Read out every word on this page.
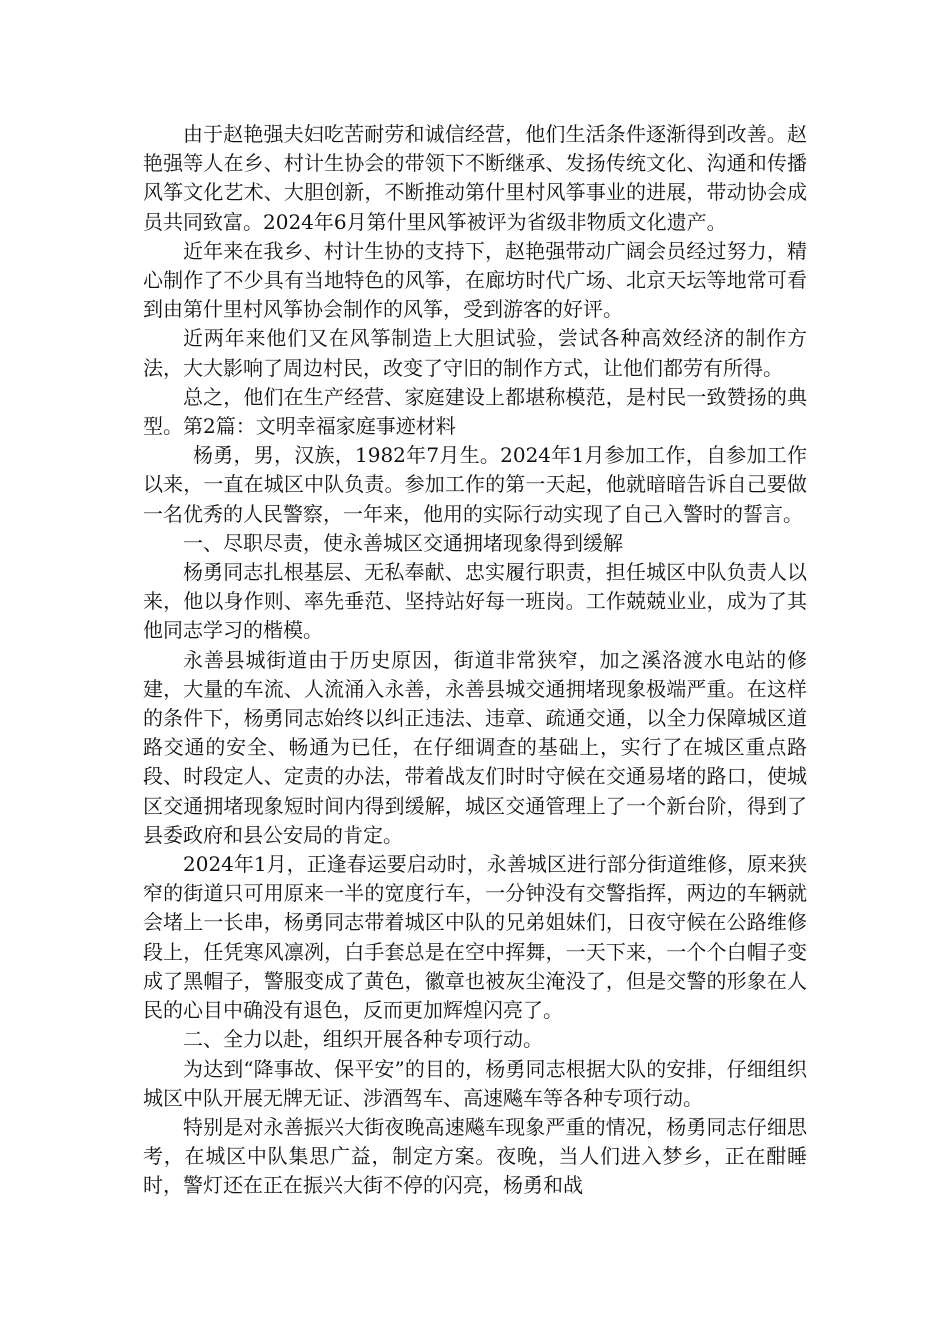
由于赵艳强夫妇吃苦耐劳和诚信经营，他们生活条件逐渐得到改善。赵艳强等人在乡、村计生协会的带领下不断继承、发扬传统文化、沟通和传播风筝文化艺术、大胆创新，不断推动第什里村风筝事业的进展，带动协会成员共同致富。2024年6月第什里风筝被评为省级非物质文化遗产。

近年来在我乡、村计生协的支持下，赵艳强带动广阔会员经过努力，精心制作了不少具有当地特色的风筝，在廊坊时代广场、北京天坛等地常可看到由第什里村风筝协会制作的风筝，受到游客的好评。

近两年来他们又在风筝制造上大胆试验，尝试各种高效经济的制作方法，大大影响了周边村民，改变了守旧的制作方式，让他们都劳有所得。

总之，他们在生产经营、家庭建设上都堪称模范，是村民一致赞扬的典型。第2篇：文明幸福家庭事迹材料

杨勇，男，汉族，1982年7月生。2024年1月参加工作，自参加工作以来，一直在城区中队负责。参加工作的第一天起，他就暗暗告诉自己要做一名优秀的人民警察，一年来，他用的实际行动实现了自己入警时的誓言。

一、尽职尽责，使永善城区交通拥堵现象得到缓解

杨勇同志扎根基层、无私奉献、忠实履行职责，担任城区中队负责人以来，他以身作则、率先垂范、坚持站好每一班岗。工作兢兢业业，成为了其他同志学习的楷模。

永善县城街道由于历史原因，街道非常狭窄，加之溪洛渡水电站的修建，大量的车流、人流涌入永善，永善县城交通拥堵现象极端严重。在这样的条件下，杨勇同志始终以纠正违法、违章、疏通交通，以全力保障城区道路交通的安全、畅通为已任，在仔细调查的基础上，实行了在城区重点路段、时段定人、定责的办法，带着战友们时时守候在交通易堵的路口，使城区交通拥堵现象短时间内得到缓解，城区交通管理上了一个新台阶，得到了县委政府和县公安局的肯定。

2024年1月，正逢春运要启动时，永善城区进行部分街道维修，原来狭窄的街道只可用原来一半的宽度行车，一分钟没有交警指挥，两边的车辆就会堵上一长串，杨勇同志带着城区中队的兄弟姐妹们，日夜守候在公路维修段上，任凭寒风凛冽，白手套总是在空中挥舞，一天下来，一个个白帽子变成了黑帽子，警服变成了黄色，徽章也被灰尘淹没了，但是交警的形象在人民的心目中确没有退色，反而更加辉煌闪亮了。

二、全力以赴，组织开展各种专项行动。

为达到“降事故、保平安”的目的，杨勇同志根据大队的安排，仔细组织城区中队开展无牌无证、涉酒驾车、高速飚车等各种专项行动。

特别是对永善振兴大街夜晚高速飚车现象严重的情况，杨勇同志仔细思考，在城区中队集思广益，制定方案。夜晚，当人们进入梦乡，正在酣睡时，警灯还在正在振兴大街不停的闪亮，杨勇和战
